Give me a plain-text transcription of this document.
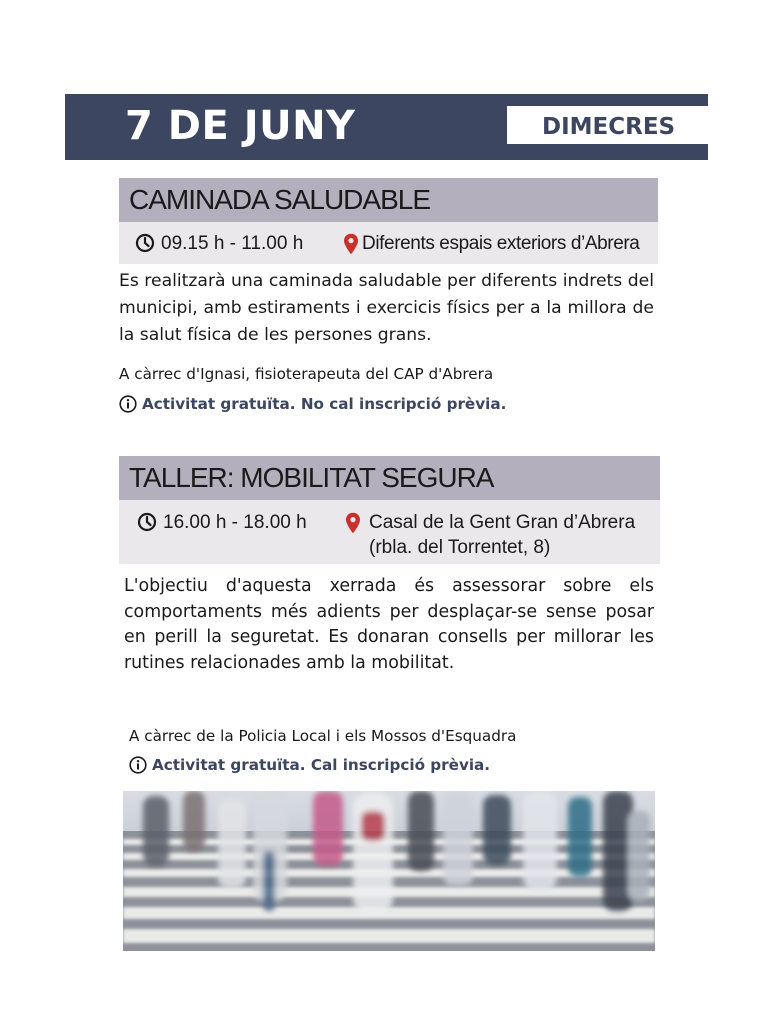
7 DE JUNY	DIMECRES
CAMINADA SALUDABLE
09.15 h - 11.00 h	Diferents espais exteriors d’Abrera
Es realitzarà una caminada saludable per diferents indrets del municipi, amb estiraments i exercicis físics per a la millora de la salut física de les persones grans.
A càrrec d'Ignasi, fisioterapeuta del CAP d'Abrera
Activitat gratuïta. No cal inscripció prèvia.
TALLER: MOBILITAT SEGURA
16.00 h - 18.00 h	Casal de la Gent Gran d’Abrera
(rbla. del Torrentet, 8)
L'objectiu d'aquesta xerrada és assessorar sobre els comportaments més adients per desplaçar-se sense posar en perill la seguretat. Es donaran consells per millorar les rutines relacionades amb la mobilitat.
A càrrec de la Policia Local i els Mossos d'Esquadra
Activitat gratuïta. Cal inscripció prèvia.
